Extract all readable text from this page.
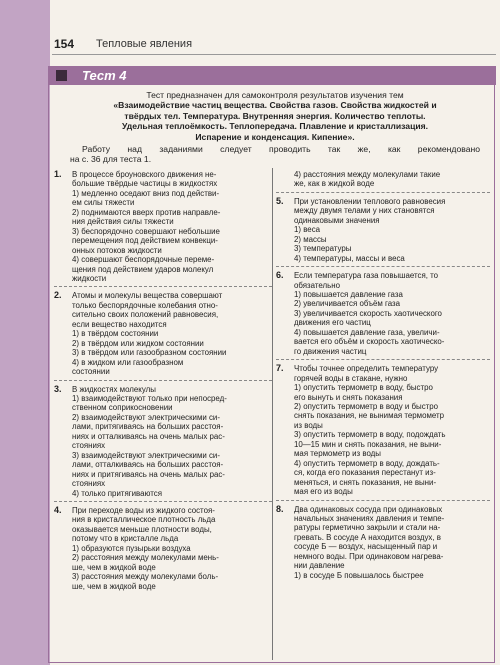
154 Тепловые явления
Тест 4
Тест предназначен для самоконтроля результатов изучения тем
«Взаимодействие частиц вещества. Свойства газов. Свойства жидкостей и
твёрдых тел. Температура. Внутренняя энергия. Количество теплоты.
Удельная теплоёмкость. Теплопередача. Плавление и кристаллизация.
Испарение и конденсация. Кипение».
Работу над заданиями следует проводить так же, как рекомендовано
на с. 36 для теста 1.
1.	В процессе броуновского движения не-
большие твёрдые частицы в жидкостях
1) медленно оседают вниз под действи-
ем силы тяжести
2) поднимаются вверх против направле-
ния действия силы тяжести
3) беспорядочно совершают небольшие
перемещения под действием конвекци-
онных потоков жидкости
4) совершают беспорядочные переме-
щения под действием ударов молекул
жидкости
2.	Атомы и молекулы вещества совершают
только беспорядочные колебания отно-
сительно своих положений равновесия,
если вещество находится
1) в твёрдом состоянии
2) в твёрдом или жидком состоянии
3) в твёрдом или газообразном состоянии
4) в жидком или газообразном
состоянии
3.	В жидкостях молекулы
1) взаимодействуют только при непосред-
ственном соприкосновении
2) взаимодействуют электрическими си-
лами, притягиваясь на больших расстоя-
ниях и отталкиваясь на очень малых рас-
стояниях
3) взаимодействуют электрическими си-
лами, отталкиваясь на больших расстоя-
ниях и притягиваясь на очень малых рас-
стояниях
4) только притягиваются
4.	При переходе воды из жидкого состоя-
ния в кристаллическое плотность льда
оказывается меньше плотности воды,
потому что в кристалле льда
1) образуются пузырьки воздуха
2) расстояния между молекулами мень-
ше, чем в жидкой воде
3) расстояния между молекулами боль-
ше, чем в жидкой воде
4) расстояния между молекулами такие
же, как в жидкой воде
5.	При установлении теплового равновесия
между двумя телами у них становятся
одинаковыми значения
1) веса
2) массы
3) температуры
4) температуры, массы и веса
6.	Если температура газа повышается, то
обязательно
1) повышается давление газа
2) увеличивается объём газа
3) увеличивается скорость хаотического
движения его частиц
4) повышается давление газа, увеличи-
вается его объём и скорость хаотическо-
го движения частиц
7.	Чтобы точнее определить температуру
горячей воды в стакане, нужно
1) опустить термометр в воду, быстро
его вынуть и снять показания
2) опустить термометр в воду и быстро
снять показания, не вынимая термометр
из воды
3) опустить термометр в воду, подождать
10—15 мин и снять показания, не выни-
мая термометр из воды
4) опустить термометр в воду, дождать-
ся, когда его показания перестанут из-
меняться, и снять показания, не выни-
мая его из воды
8.	Два одинаковых сосуда при одинаковых
начальных значениях давления и темпе-
ратуры герметично закрыли и стали на-
гревать. В сосуде А находится воздух, в
сосуде Б — воздух, насыщенный пар и
немного воды. При одинаковом нагрева-
нии давление
1) в сосуде Б повышалось быстрее
